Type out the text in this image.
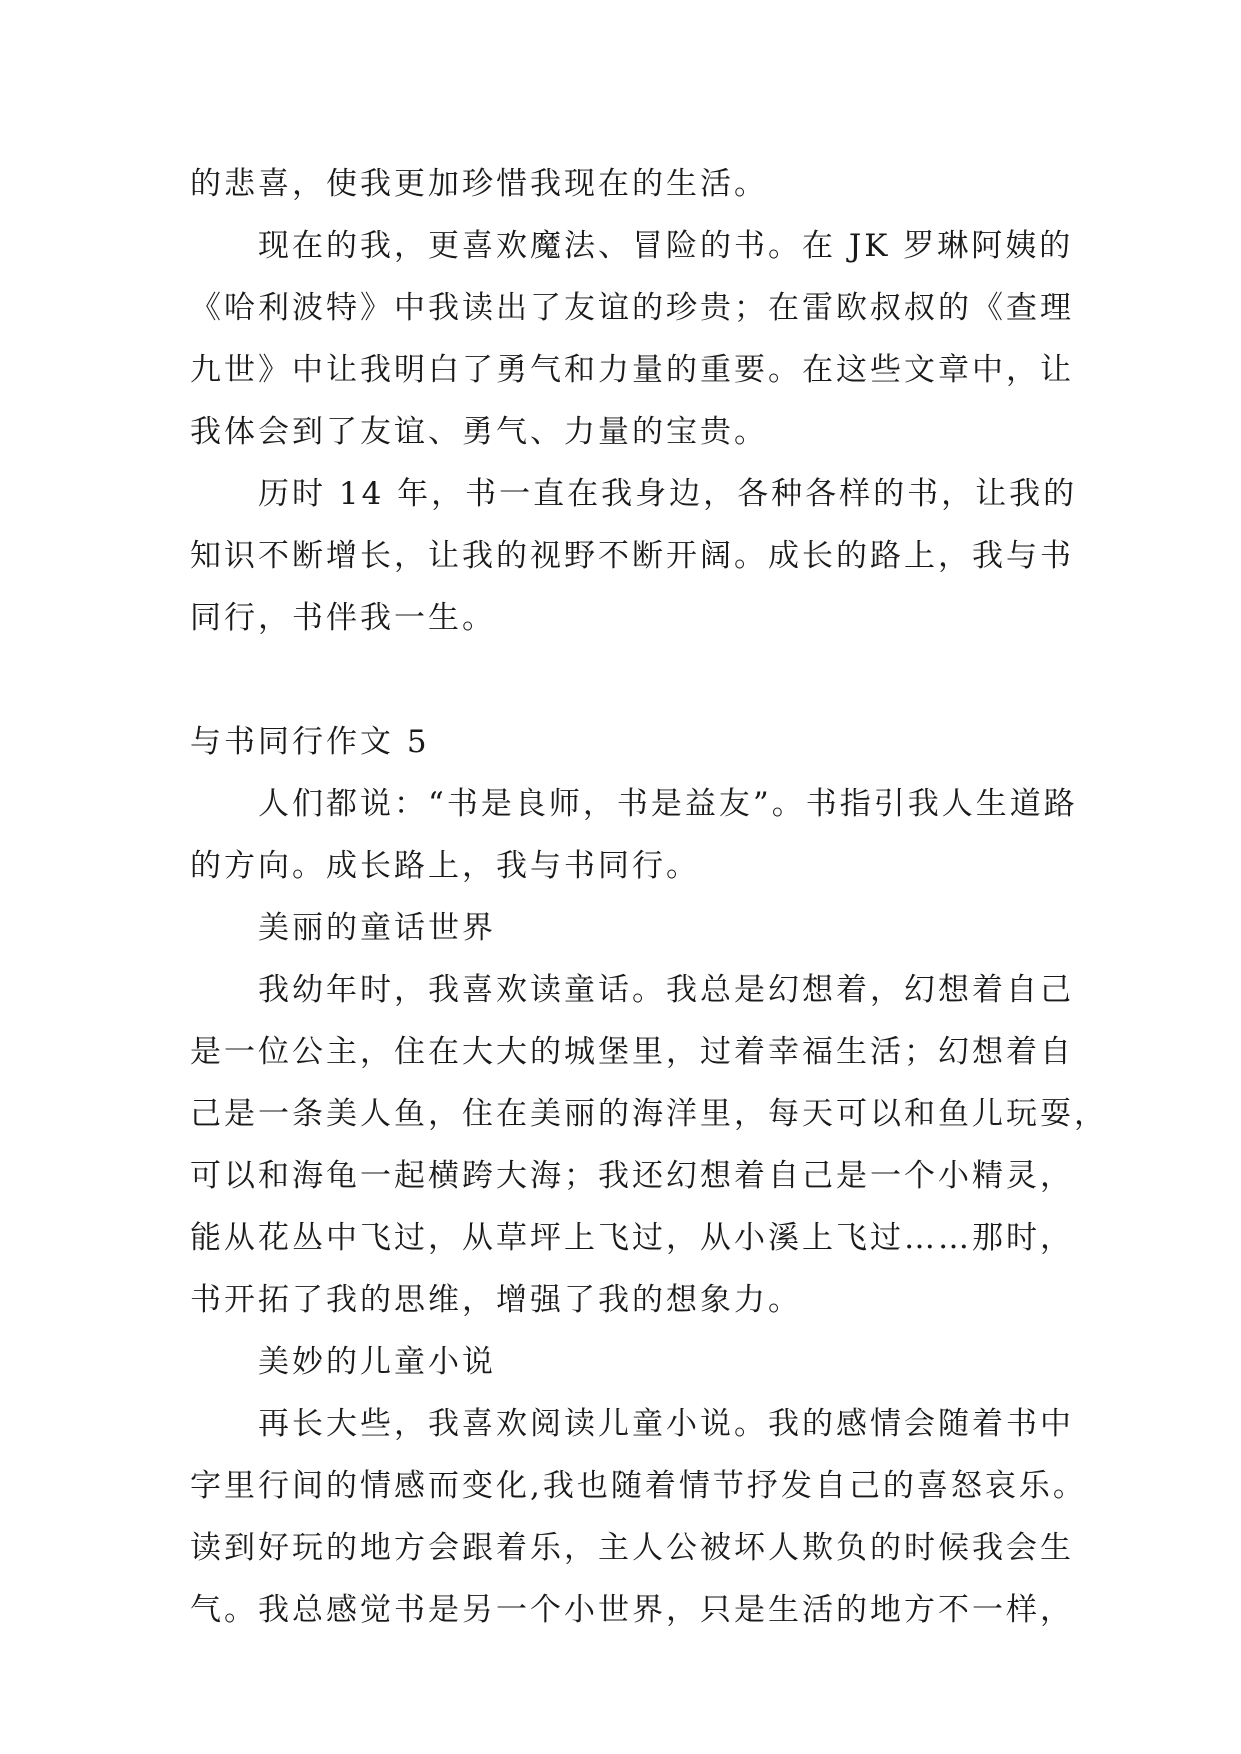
的悲喜，使我更加珍惜我现在的生活。
现在的我，更喜欢魔法、冒险的书。在 JK 罗琳阿姨的
《哈利波特》中我读出了友谊的珍贵；在雷欧叔叔的《查理
九世》中让我明白了勇气和力量的重要。在这些文章中，让
我体会到了友谊、勇气、力量的宝贵。
历时 14 年，书一直在我身边，各种各样的书，让我的
知识不断增长，让我的视野不断开阔。成长的路上，我与书
同行，书伴我一生。
与书同行作文 5
人们都说：“书是良师，书是益友”。书指引我人生道路
的方向。成长路上，我与书同行。
美丽的童话世界
我幼年时，我喜欢读童话。我总是幻想着，幻想着自己
是一位公主，住在大大的城堡里，过着幸福生活；幻想着自
己是一条美人鱼，住在美丽的海洋里，每天可以和鱼儿玩耍，
可以和海龟一起横跨大海；我还幻想着自己是一个小精灵，
能从花丛中飞过，从草坪上飞过，从小溪上飞过……那时，
书开拓了我的思维，增强了我的想象力。
美妙的儿童小说
再长大些，我喜欢阅读儿童小说。我的感情会随着书中
字里行间的情感而变化,我也随着情节抒发自己的喜怒哀乐。
读到好玩的地方会跟着乐，主人公被坏人欺负的时候我会生
气。我总感觉书是另一个小世界，只是生活的地方不一样，
